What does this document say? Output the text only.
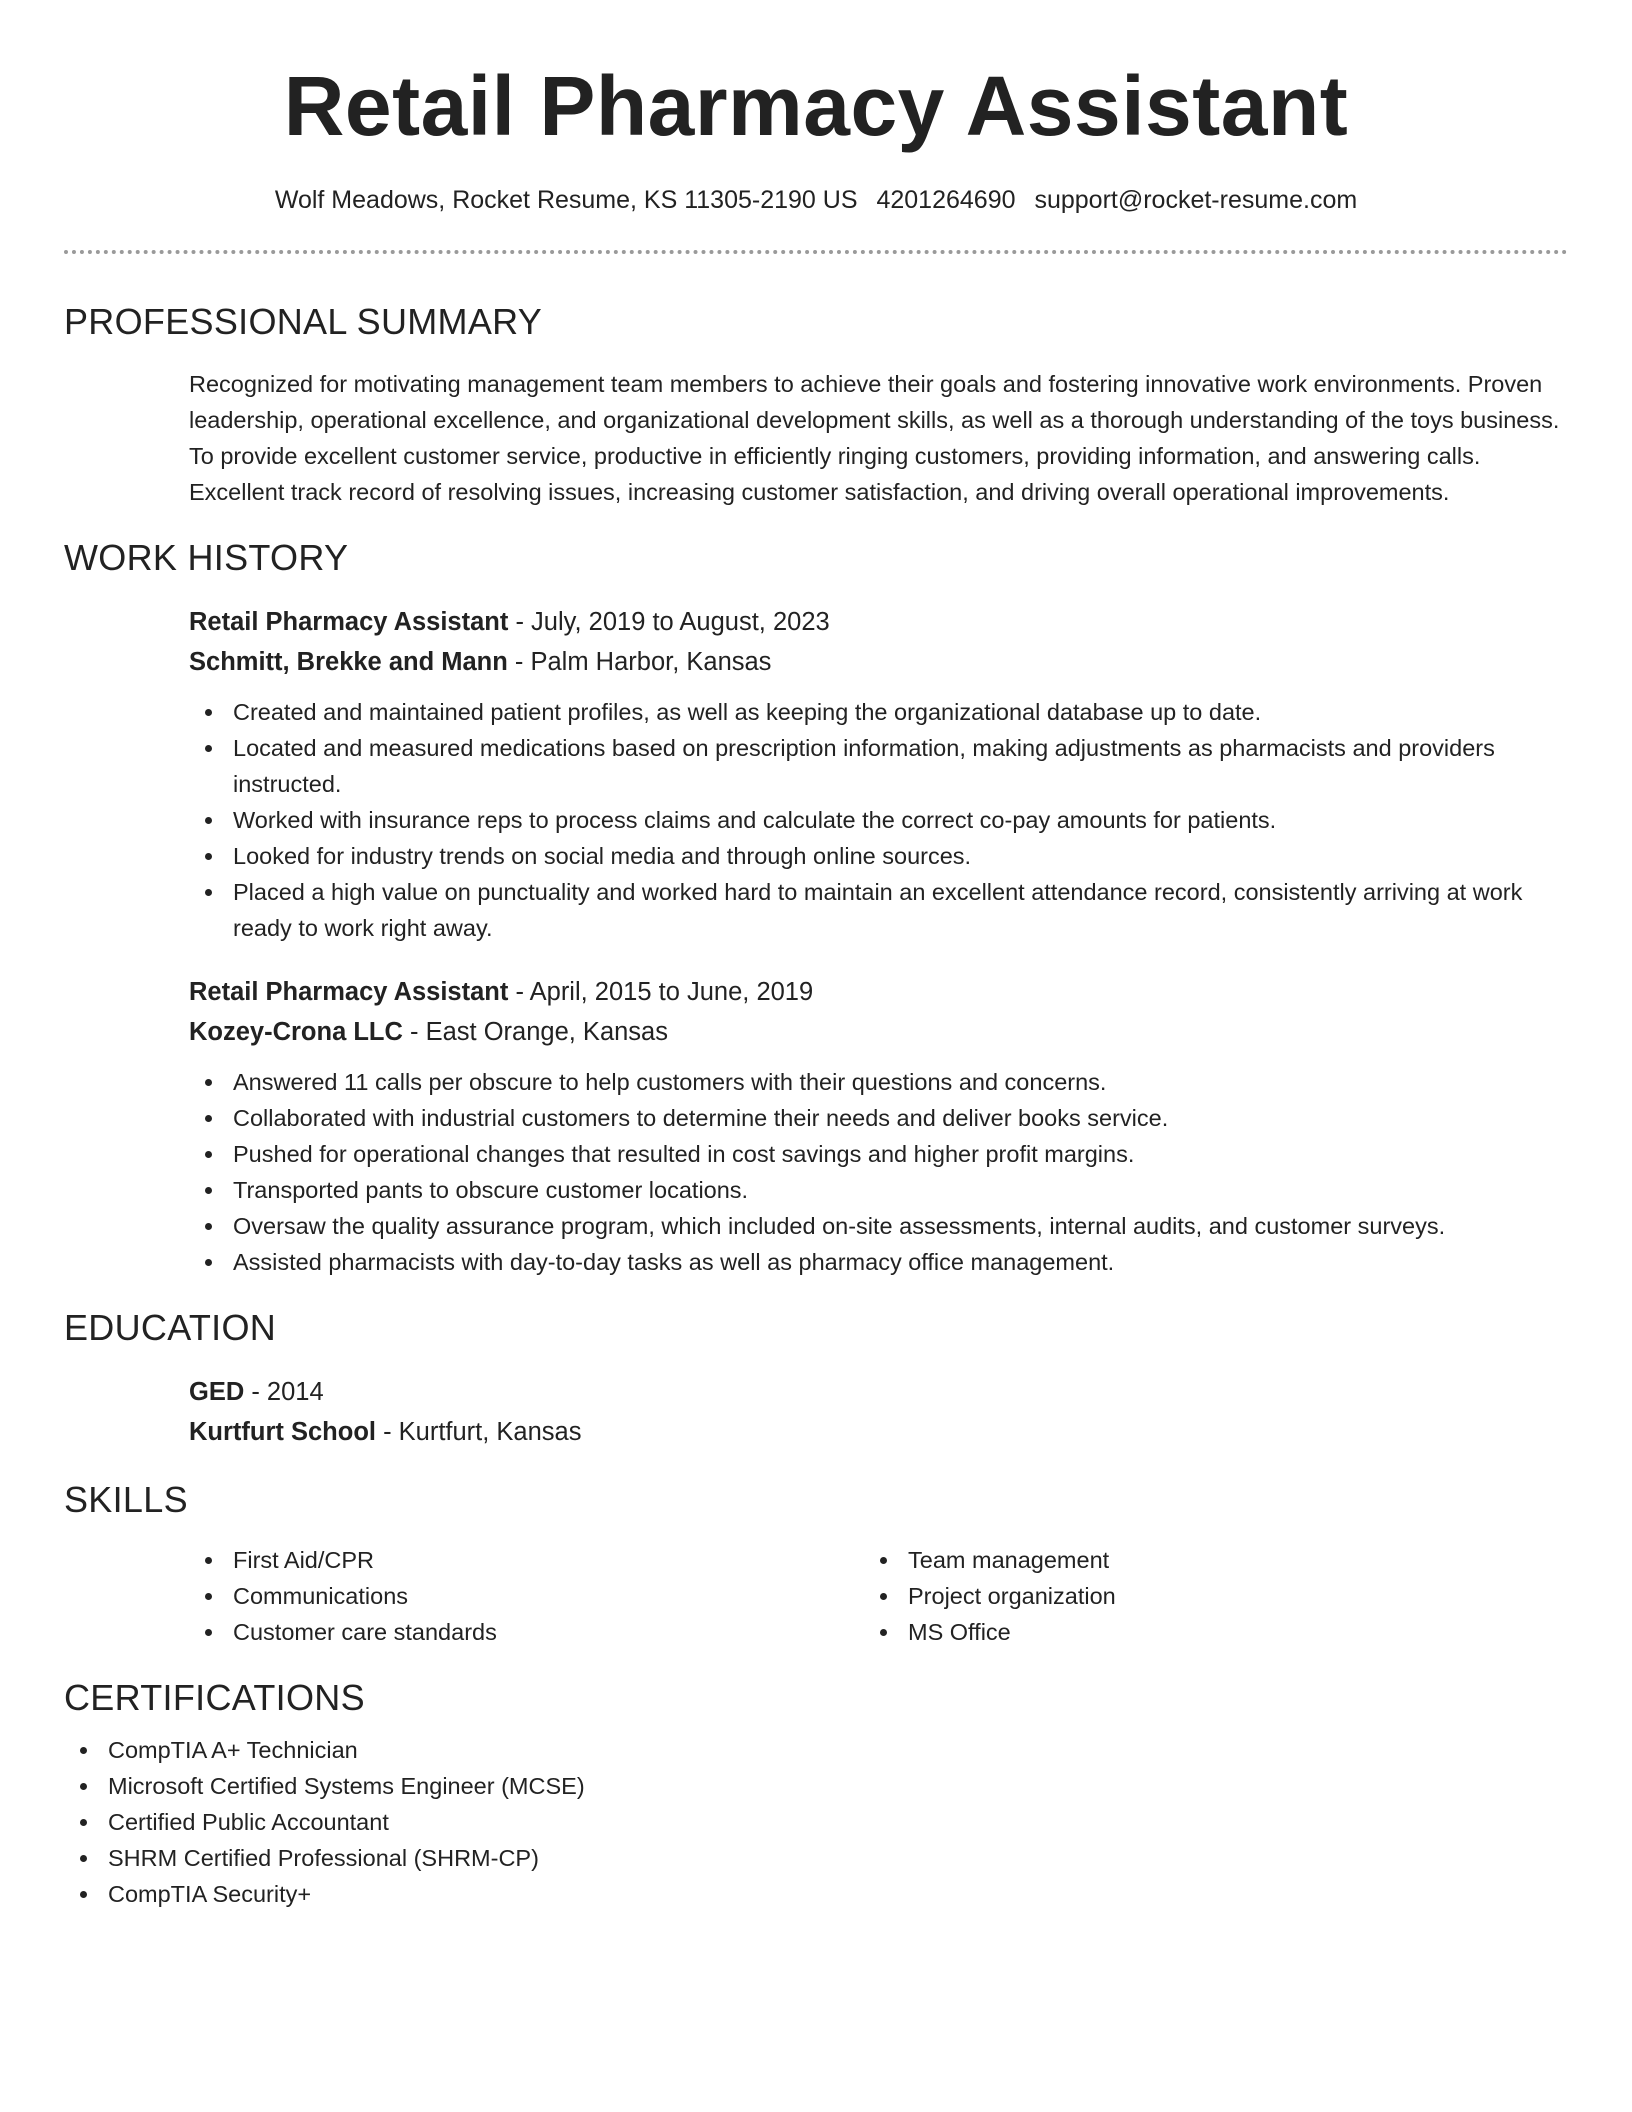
Retail Pharmacy Assistant
Wolf Meadows, Rocket Resume, KS 11305-2190 US 4201264690 support@rocket-resume.com
PROFESSIONAL SUMMARY

Recognized for motivating management team members to achieve their goals and fostering innovative work environments. Proven leadership, operational excellence, and organizational development skills, as well as a thorough understanding of the toys business. To provide excellent customer service, productive in efficiently ringing customers, providing information, and answering calls. Excellent track record of resolving issues, increasing customer satisfaction, and driving overall operational improvements.

WORK HISTORY
Retail Pharmacy Assistant - July, 2019 to August, 2023
Schmitt, Brekke and Mann - Palm Harbor, Kansas
Created and maintained patient profiles, as well as keeping the organizational database up to date.
Located and measured medications based on prescription information, making adjustments as pharmacists and providers instructed.
Worked with insurance reps to process claims and calculate the correct co-pay amounts for patients.
Looked for industry trends on social media and through online sources.
Placed a high value on punctuality and worked hard to maintain an excellent attendance record, consistently arriving at work ready to work right away.
Retail Pharmacy Assistant - April, 2015 to June, 2019
Kozey-Crona LLC - East Orange, Kansas
Answered 11 calls per obscure to help customers with their questions and concerns.
Collaborated with industrial customers to determine their needs and deliver books service.
Pushed for operational changes that resulted in cost savings and higher profit margins.
Transported pants to obscure customer locations.
Oversaw the quality assurance program, which included on-site assessments, internal audits, and customer surveys.
Assisted pharmacists with day-to-day tasks as well as pharmacy office management.
EDUCATION
GED - 2014
Kurtfurt School - Kurtfurt, Kansas
SKILLS
First Aid/CPR
Communications
Customer care standards
Team management
Project organization
MS Office
CERTIFICATIONS
CompTIA A+ Technician
Microsoft Certified Systems Engineer (MCSE)
Certified Public Accountant
SHRM Certified Professional (SHRM-CP)
CompTIA Security+
